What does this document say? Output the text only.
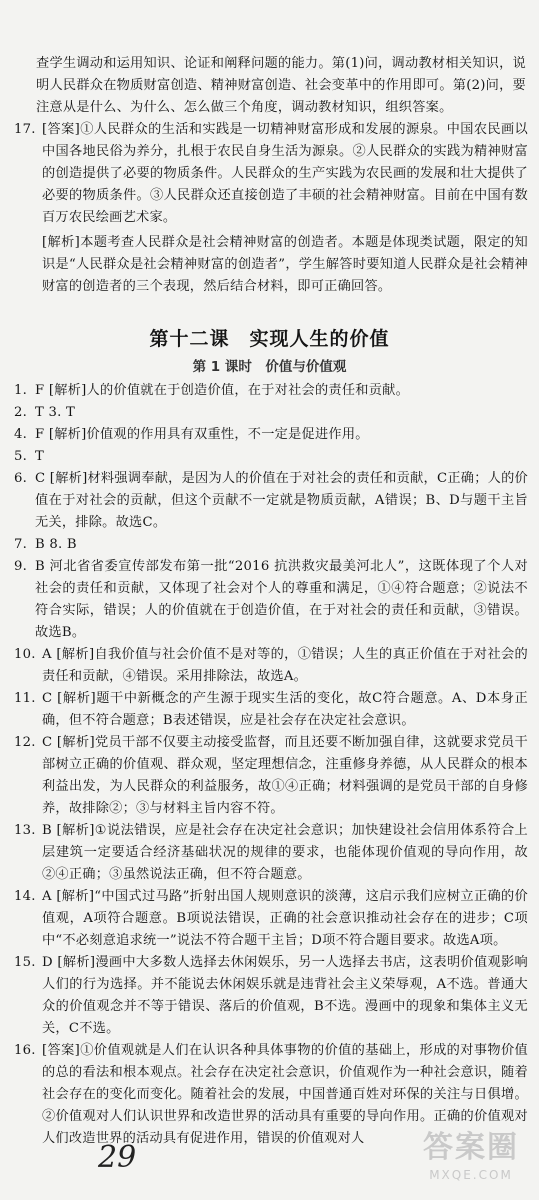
查学生调动和运用知识、论证和阐释问题的能力。第(1)问，调动教材相关知识，说明人民群众在物质财富创造、精神财富创造、社会变革中的作用即可。第(2)问，要注意从是什么、为什么、怎么做三个角度，调动教材知识，组织答案。
17. [答案]①人民群众的生活和实践是一切精神财富形成和发展的源泉。中国农民画以中国各地民俗为养分，扎根于农民自身生活为源泉。②人民群众的实践为精神财富的创造提供了必要的物质条件。人民群众的生产实践为农民画的发展和壮大提供了必要的物质条件。③人民群众还直接创造了丰硕的社会精神财富。目前在中国有数百万农民绘画艺术家。
[解析]本题考查人民群众是社会精神财富的创造者。本题是体现类试题，限定的知识是“人民群众是社会精神财富的创造者”，学生解答时要知道人民群众是社会精神财富的创造者的三个表现，然后结合材料，即可正确回答。
第十二课　实现人生的价值
第 1 课时　价值与价值观
1. F [解析]人的价值就在于创造价值，在于对社会的责任和贡献。
2. T 3. T
4. F [解析]价值观的作用具有双重性，不一定是促进作用。
5. T
6. C [解析]材料强调奉献，是因为人的价值在于对社会的责任和贡献，C正确；人的价值在于对社会的贡献，但这个贡献不一定就是物质贡献，A错误；B、D与题干主旨无关，排除。故选C。
7. B 8. B
9. B 河北省省委宣传部发布第一批“2016 抗洪救灾最美河北人”，这既体现了个人对社会的责任和贡献，又体现了社会对个人的尊重和满足，①④符合题意；②说法不符合实际，错误；人的价值就在于创造价值，在于对社会的责任和贡献，③错误。故选B。
10. A [解析]自我价值与社会价值不是对等的，①错误；人生的真正价值在于对社会的责任和贡献，④错误。采用排除法，故选A。
11. C [解析]题干中新概念的产生源于现实生活的变化，故C符合题意。A、D本身正确，但不符合题意；B表述错误，应是社会存在决定社会意识。
12. C [解析]党员干部不仅要主动接受监督，而且还要不断加强自律，这就要求党员干部树立正确的价值观、群众观，坚定理想信念，注重修身养德，从人民群众的根本利益出发，为人民群众的利益服务，故①④正确；材料强调的是党员干部的自身修养，故排除②；③与材料主旨内容不符。
13. B [解析]①说法错误，应是社会存在决定社会意识；加快建设社会信用体系符合上层建筑一定要适合经济基础状况的规律的要求，也能体现价值观的导向作用，故②④正确；③虽然说法正确，但不符合题意。
14. A [解析]“中国式过马路”折射出国人规则意识的淡薄，这启示我们应树立正确的价值观，A项符合题意。B项说法错误，正确的社会意识推动社会存在的进步；C项中“不必刻意追求统一”说法不符合题干主旨；D项不符合题目要求。故选A项。
15. D [解析]漫画中大多数人选择去休闲娱乐，另一人选择去书店，这表明价值观影响人们的行为选择。并不能说去休闲娱乐就是违背社会主义荣辱观，A不选。普通大众的价值观念并不等于错误、落后的价值观，B不选。漫画中的现象和集体主义无关，C不选。
16. [答案]①价值观就是人们在认识各种具体事物的价值的基础上，形成的对事物价值的总的看法和根本观点。社会存在决定社会意识，价值观作为一种社会意识，随着社会存在的变化而变化。随着社会的发展，中国普通百姓对环保的关注与日俱增。②价值观对人们认识世界和改造世界的活动具有重要的导向作用。正确的价值观对人们改造世界的活动具有促进作用，错误的价值观对人
29	答案圈
MXQE.COM
